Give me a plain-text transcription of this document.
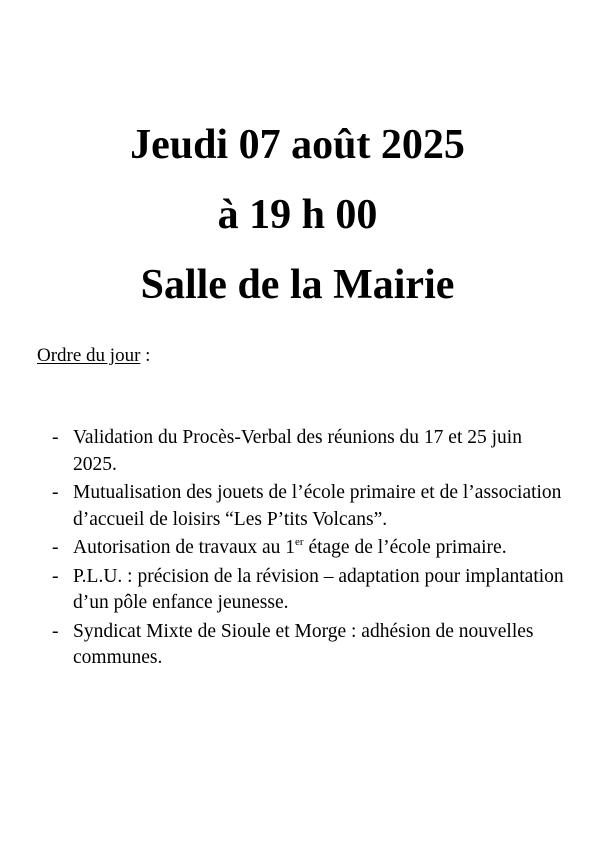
Jeudi 07 août 2025
à 19 h 00
Salle de la Mairie
Ordre du jour :
- Validation du Procès-Verbal des réunions du 17 et 25 juin 2025.
- Mutualisation des jouets de l’école primaire et de l’association d’accueil de loisirs “Les P’tits Volcans”.
- Autorisation de travaux au 1er étage de l’école primaire.
- P.L.U. : précision de la révision – adaptation pour implantation d’un pôle enfance jeunesse.
- Syndicat Mixte de Sioule et Morge : adhésion de nouvelles communes.
